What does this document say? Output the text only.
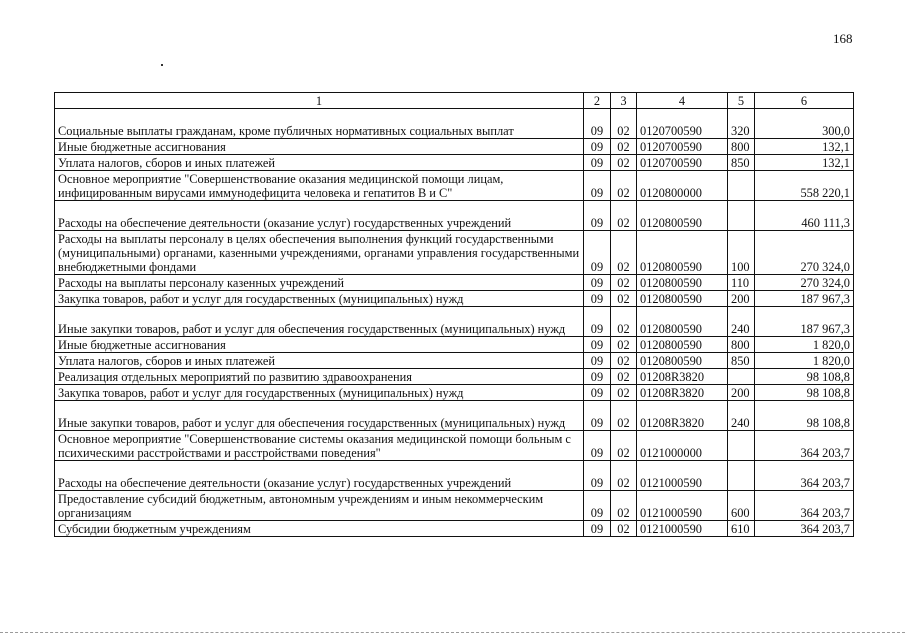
168
1	2	3	4	5	6
Социальные выплаты гражданам, кроме публичных нормативных социальных выплат	09	02	0120700590	320	300,0
Иные бюджетные ассигнования	09	02	0120700590	800	132,1
Уплата налогов, сборов и иных платежей	09	02	0120700590	850	132,1
Основное мероприятие "Совершенствование оказания медицинской помощи лицам, инфицированным вирусами иммунодефицита человека и гепатитов В и С"	09	02	0120800000		558 220,1
Расходы на обеспечение деятельности (оказание услуг) государственных учреждений	09	02	0120800590		460 111,3
Расходы на выплаты персоналу в целях обеспечения выполнения функций государственными (муниципальными) органами, казенными учреждениями, органами управления государственными внебюджетными фондами	09	02	0120800590	100	270 324,0
Расходы на выплаты персоналу казенных учреждений	09	02	0120800590	110	270 324,0
Закупка товаров, работ и услуг для государственных (муниципальных) нужд	09	02	0120800590	200	187 967,3
Иные закупки товаров, работ и услуг для обеспечения государственных (муниципальных) нужд	09	02	0120800590	240	187 967,3
Иные бюджетные ассигнования	09	02	0120800590	800	1 820,0
Уплата налогов, сборов и иных платежей	09	02	0120800590	850	1 820,0
Реализация отдельных мероприятий по развитию здравоохранения	09	02	01208R3820		98 108,8
Закупка товаров, работ и услуг для государственных (муниципальных) нужд	09	02	01208R3820	200	98 108,8
Иные закупки товаров, работ и услуг для обеспечения государственных (муниципальных) нужд	09	02	01208R3820	240	98 108,8
Основное мероприятие "Совершенствование системы оказания медицинской помощи больным с психическими расстройствами и расстройствами поведения"	09	02	0121000000		364 203,7
Расходы на обеспечение деятельности (оказание услуг) государственных учреждений	09	02	0121000590		364 203,7
Предоставление субсидий бюджетным, автономным учреждениям и иным некоммерческим организациям	09	02	0121000590	600	364 203,7
Субсидии бюджетным учреждениям	09	02	0121000590	610	364 203,7
